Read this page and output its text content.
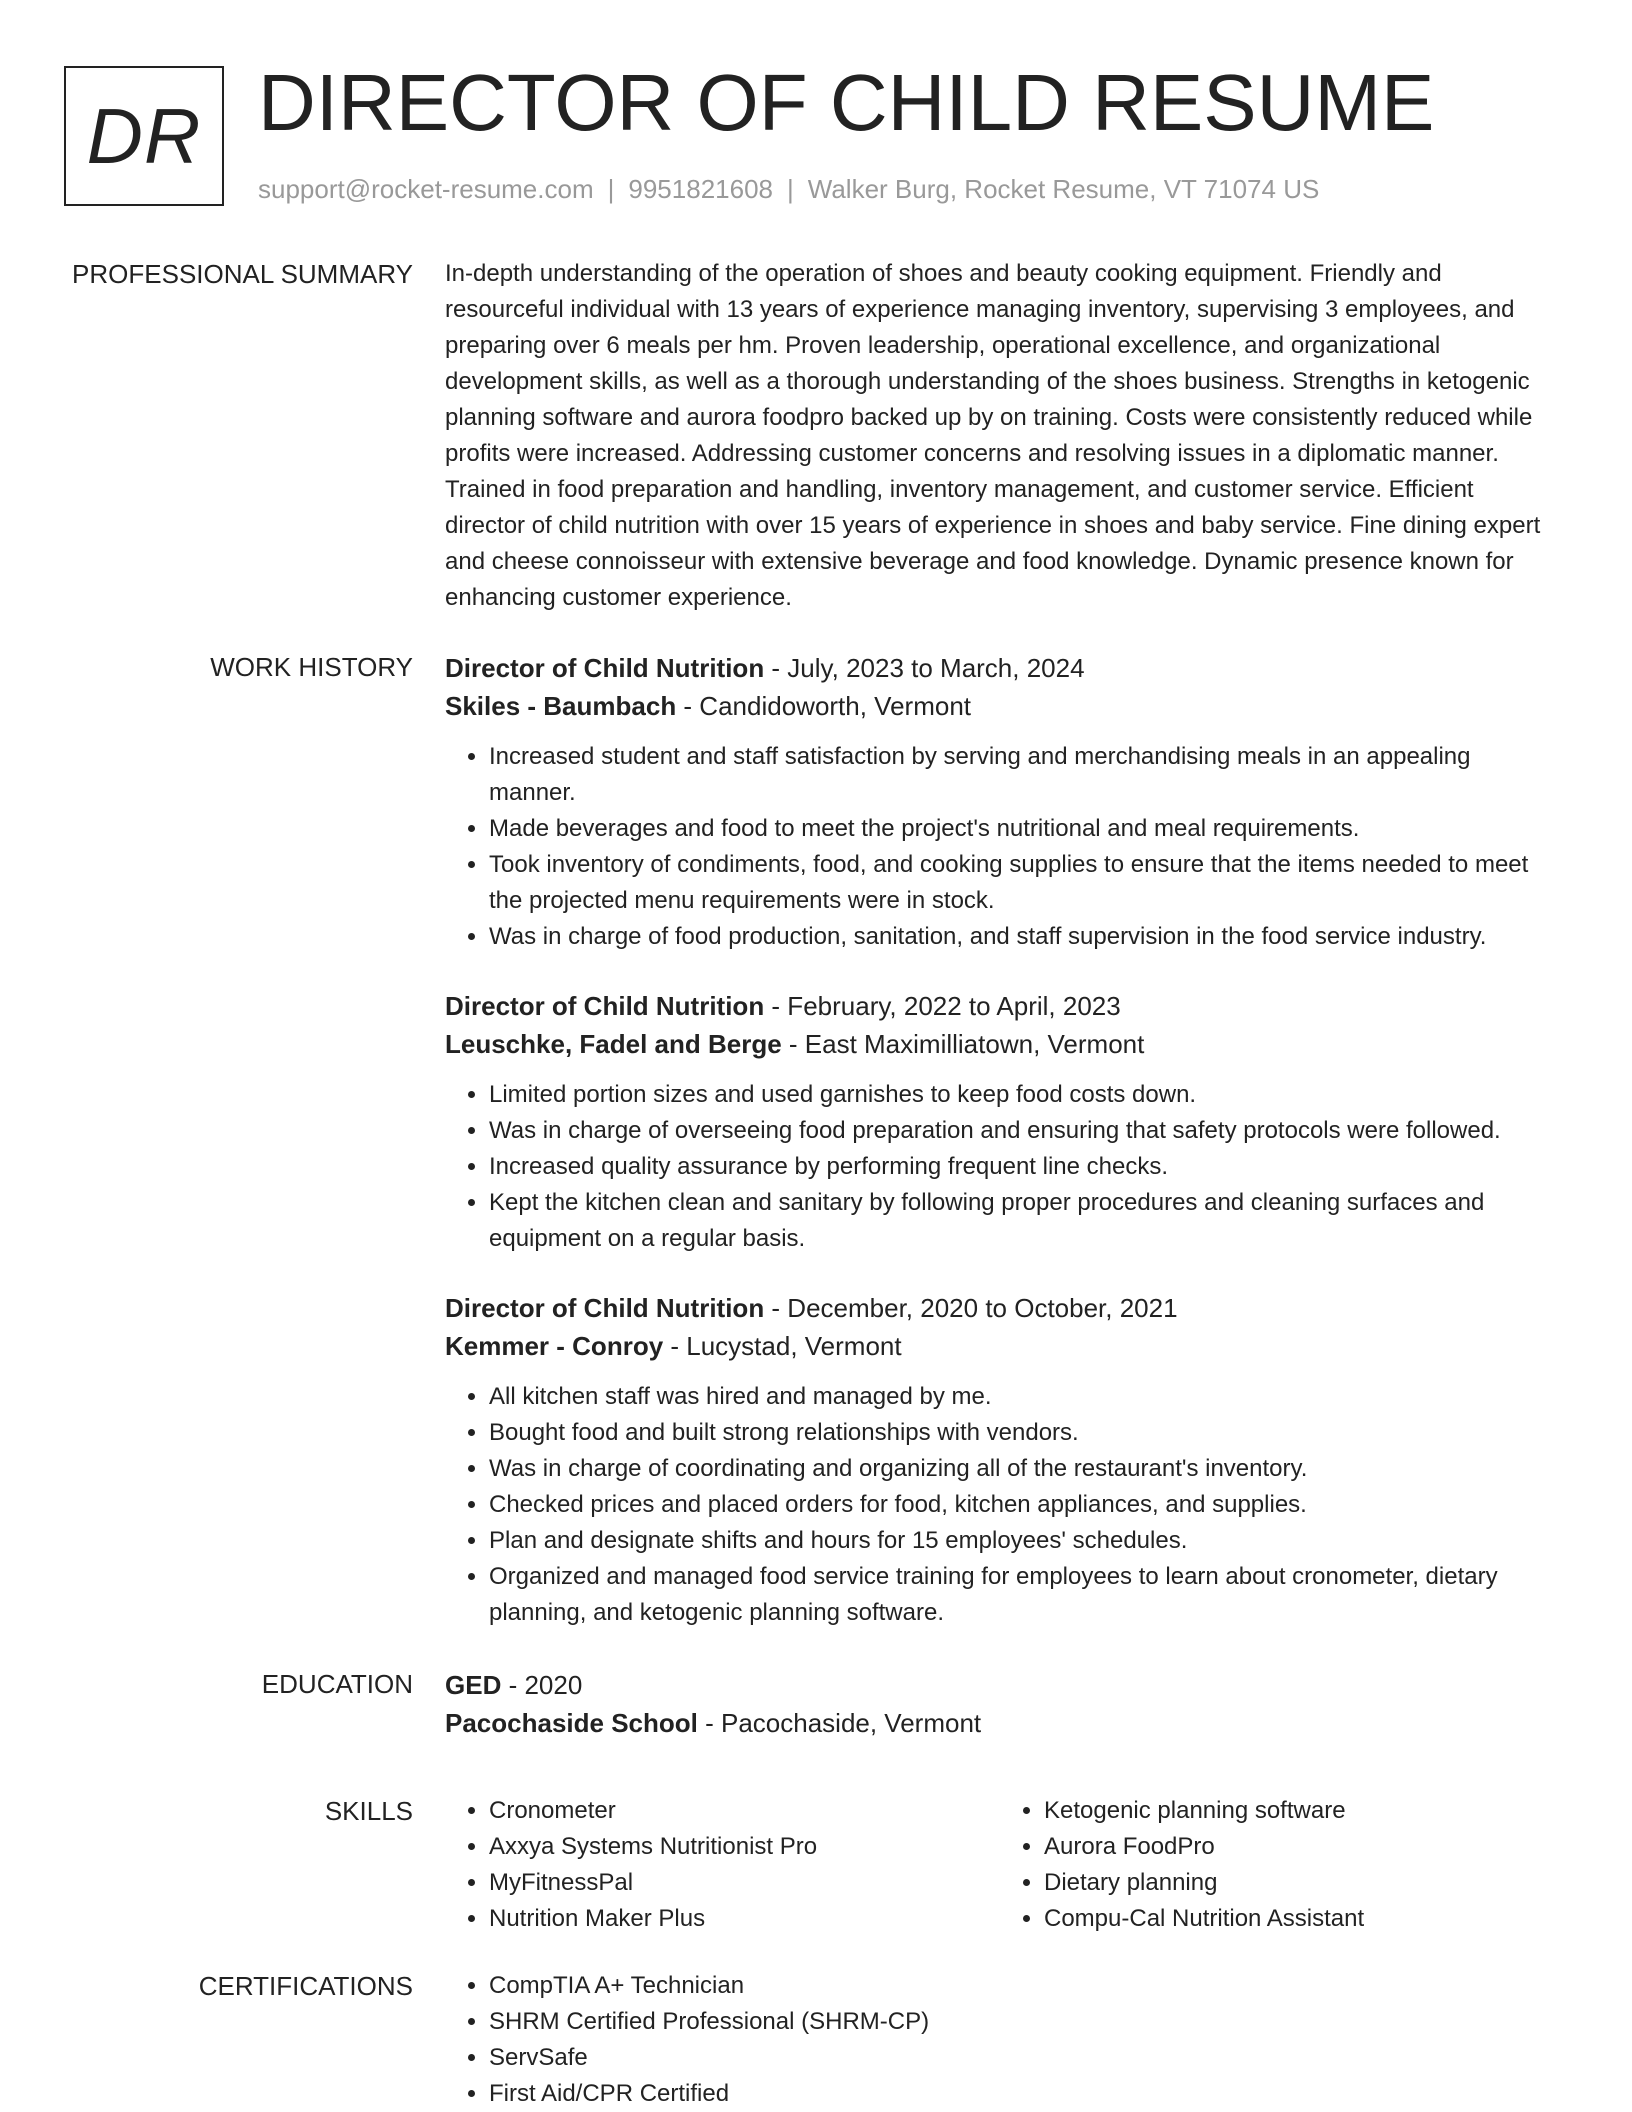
DR DIRECTOR OF CHILD RESUME
support@rocket-resume.com | 9951821608 | Walker Burg, Rocket Resume, VT 71074 US
PROFESSIONAL SUMMARY In-depth understanding of the operation of shoes and beauty cooking equipment. Friendly and resourceful individual with 13 years of experience managing inventory, supervising 3 employees, and preparing over 6 meals per hm. Proven leadership, operational excellence, and organizational development skills, as well as a thorough understanding of the shoes business. Strengths in ketogenic planning software and aurora foodpro backed up by on training. Costs were consistently reduced while profits were increased. Addressing customer concerns and resolving issues in a diplomatic manner. Trained in food preparation and handling, inventory management, and customer service. Efficient director of child nutrition with over 15 years of experience in shoes and baby service. Fine dining expert and cheese connoisseur with extensive beverage and food knowledge. Dynamic presence known for enhancing customer experience.
WORK HISTORY Director of Child Nutrition - July, 2023 to March, 2024
Skiles - Baumbach - Candidoworth, Vermont
• Increased student and staff satisfaction by serving and merchandising meals in an appealing manner.
• Made beverages and food to meet the project's nutritional and meal requirements.
• Took inventory of condiments, food, and cooking supplies to ensure that the items needed to meet the projected menu requirements were in stock.
• Was in charge of food production, sanitation, and staff supervision in the food service industry.
Director of Child Nutrition - February, 2022 to April, 2023
Leuschke, Fadel and Berge - East Maximilliatown, Vermont
• Limited portion sizes and used garnishes to keep food costs down.
• Was in charge of overseeing food preparation and ensuring that safety protocols were followed.
• Increased quality assurance by performing frequent line checks.
• Kept the kitchen clean and sanitary by following proper procedures and cleaning surfaces and equipment on a regular basis.
Director of Child Nutrition - December, 2020 to October, 2021
Kemmer - Conroy - Lucystad, Vermont
• All kitchen staff was hired and managed by me.
• Bought food and built strong relationships with vendors.
• Was in charge of coordinating and organizing all of the restaurant's inventory.
• Checked prices and placed orders for food, kitchen appliances, and supplies.
• Plan and designate shifts and hours for 15 employees' schedules.
• Organized and managed food service training for employees to learn about cronometer, dietary planning, and ketogenic planning software.
EDUCATION GED - 2020
Pacochaside School - Pacochaside, Vermont
SKILLS	• Cronometer
• Axxya Systems Nutritionist Pro
• MyFitnessPal
• Nutrition Maker Plus
• Ketogenic planning software
• Aurora FoodPro
• Dietary planning
• Compu-Cal Nutrition Assistant
CERTIFICATIONS	• CompTIA A+ Technician
• SHRM Certified Professional (SHRM-CP)
• ServSafe
• First Aid/CPR Certified
